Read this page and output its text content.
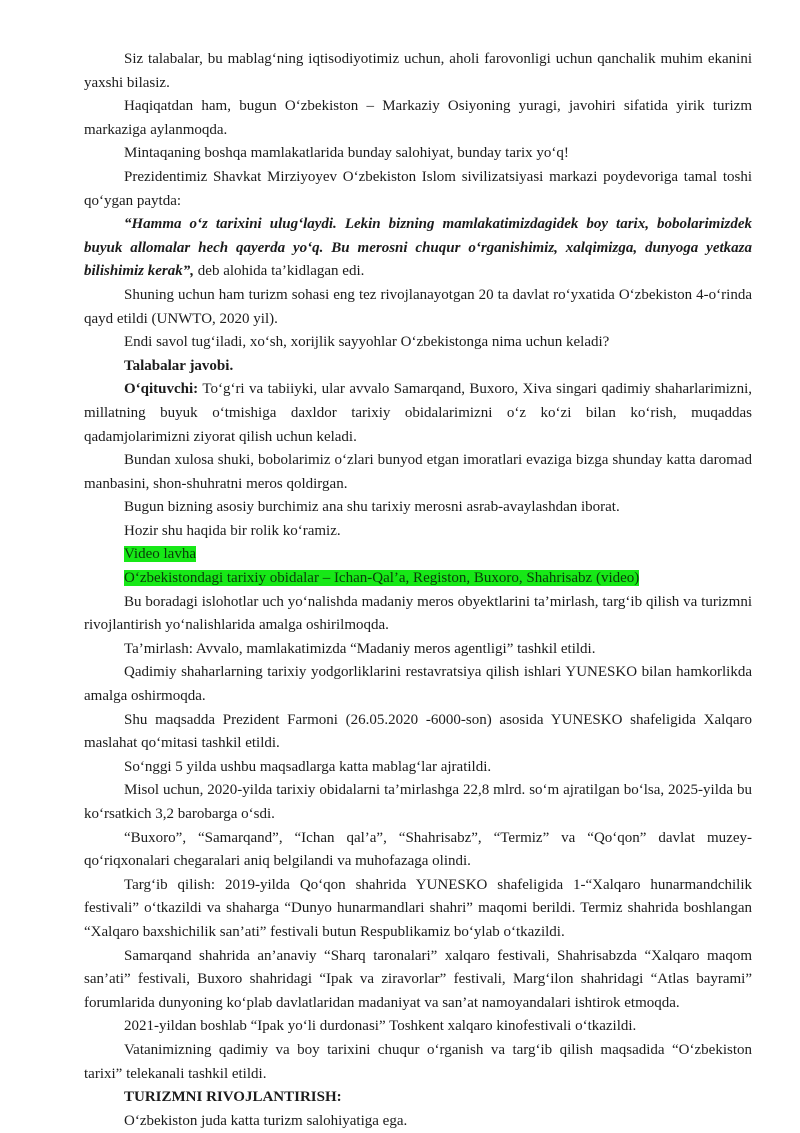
Siz talabalar, bu mablag‘ning iqtisodiyotimiz uchun, aholi farovonligi uchun qanchalik muhim ekanini yaxshi bilasiz.

Haqiqatdan ham, bugun O‘zbekiston – Markaziy Osiyoning yuragi, javohiri sifatida yirik turizm markaziga aylanmoqda.

Mintaqaning boshqa mamlakatlarida bunday salohiyat, bunday tarix yo‘q!

Prezidentimiz Shavkat Mirziyoyev O‘zbekiston Islom sivilizatsiyasi markazi poydevoriga tamal toshi qo‘ygan paytda:

“Hamma o‘z tarixini ulug‘laydi. Lekin bizning mamlakatimizdagidek boy tarix, bobolarimizdek buyuk allomalar hech qayerda yo‘q. Bu merosni chuqur o‘rganishimiz, xalqimizga, dunyoga yetkaza bilishimiz kerak”, deb alohida ta’kidlagan edi.

Shuning uchun ham turizm sohasi eng tez rivojlanayotgan 20 ta davlat ro‘yxatida O‘zbekiston 4-o‘rinda qayd etildi (UNWTO, 2020 yil).

Endi savol tug‘iladi, xo‘sh, xorijlik sayyohlar O‘zbekistonga nima uchun keladi?

Talabalar javobi.

O‘qituvchi: To‘g‘ri va tabiiyki, ular avvalo Samarqand, Buxoro, Xiva singari qadimiy shaharlarimizni, millatning buyuk o‘tmishiga daxldor tarixiy obidalarimizni o‘z ko‘zi bilan ko‘rish, muqaddas qadamjolarimizni ziyorat qilish uchun keladi.

Bundan xulosa shuki, bobolarimiz o‘zlari bunyod etgan imoratlari evaziga bizga shunday katta daromad manbasini, shon-shuhratni meros qoldirgan.

Bugun bizning asosiy burchimiz ana shu tarixiy merosni asrab-avaylashdan iborat.

Hozir shu haqida bir rolik ko‘ramiz.

Video lavha

O‘zbekistondagi tarixiy obidalar – Ichan-Qal’a, Registon, Buxoro, Shahrisabz (video)

Bu boradagi islohotlar uch yo‘nalishda madaniy meros obyektlarini ta’mirlash, targ‘ib qilish va turizmni rivojlantirish yo‘nalishlarida amalga oshirilmoqda.

Ta’mirlash: Avvalo, mamlakatimizda “Madaniy meros agentligi” tashkil etildi.

Qadimiy shaharlarning tarixiy yodgorliklarini restavratsiya qilish ishlari YUNESKO bilan hamkorlikda amalga oshirmoqda.

Shu maqsadda Prezident Farmoni (26.05.2020 -6000-son) asosida YUNESKO shafeligida Xalqaro maslahat qo‘mitasi tashkil etildi.

So‘nggi 5 yilda ushbu maqsadlarga katta mablag‘lar ajratildi.

Misol uchun, 2020-yilda tarixiy obidalarni ta’mirlashga 22,8 mlrd. so‘m ajratilgan bo‘lsa, 2025-yilda bu ko‘rsatkich 3,2 barobarga o‘sdi.

“Buxoro”, “Samarqand”, “Ichan qal’a”, “Shahrisabz”, “Termiz” va “Qo‘qon” davlat muzey-qo‘riqxonalari chegaralari aniq belgilandi va muhofazaga olindi.

Targ‘ib qilish: 2019-yilda Qo‘qon shahrida YUNESKO shafeligida 1-“Xalqaro hunarmandchilik festivali” o‘tkazildi va shaharga “Dunyo hunarmandlari shahri” maqomi berildi. Termiz shahrida boshlangan “Xalqaro baxshichilik san’ati” festivali butun Respublikamiz bo‘ylab o‘tkazildi.

Samarqand shahrida an’anaviy “Sharq taronalari” xalqaro festivali, Shahrisabzda “Xalqaro maqom san’ati” festivali, Buxoro shahridagi “Ipak va ziravorlar” festivali, Marg‘ilon shahridagi “Atlas bayrami” forumlarida dunyoning ko‘plab davlatlaridan madaniyat va san’at namoyandalari ishtirok etmoqda.

2021-yildan boshlab “Ipak yo‘li durdonasi” Toshkent xalqaro kinofestivali o‘tkazildi.

Vatanimizning qadimiy va boy tarixini chuqur o‘rganish va targ‘ib qilish maqsadida “O‘zbekiston tarixi” telekanali tashkil etildi.

TURIZMNI RIVOJLANTIRISH:

O‘zbekiston juda katta turizm salohiyatiga ega.
